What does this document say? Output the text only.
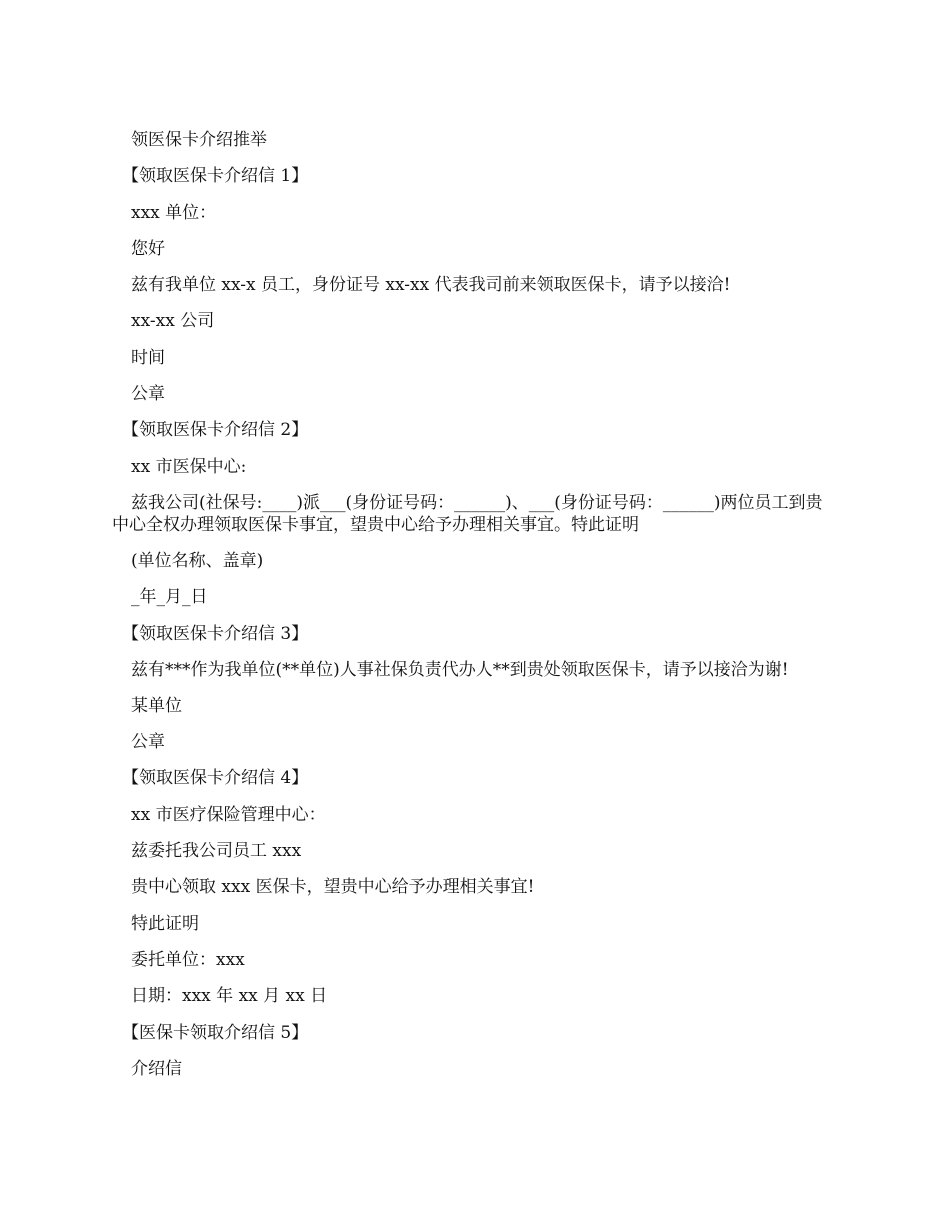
领医保卡介绍推举

【领取医保卡介绍信 1】

xxx 单位：

您好

兹有我单位 xx-x 员工，身份证号 xx-xx 代表我司前来领取医保卡，请予以接洽!

xx-xx 公司

时间

公章

【领取医保卡介绍信 2】

xx 市医保中心:

兹我公司(社保号:____)派___(身份证号码：______)、___(身份证号码：______)两位员工到贵中心全权办理领取医保卡事宜，望贵中心给予办理相关事宜。特此证明

(单位名称、盖章)

_年_月_日

【领取医保卡介绍信 3】

兹有***作为我单位(**单位)人事社保负责代办人**到贵处领取医保卡，请予以接洽为谢!

某单位

公章

【领取医保卡介绍信 4】

xx 市医疗保险管理中心：

兹委托我公司员工 xxx

贵中心领取 xxx 医保卡，望贵中心给予办理相关事宜!

特此证明

委托单位：xxx

日期：xxx 年 xx 月 xx 日

【医保卡领取介绍信 5】

介绍信
